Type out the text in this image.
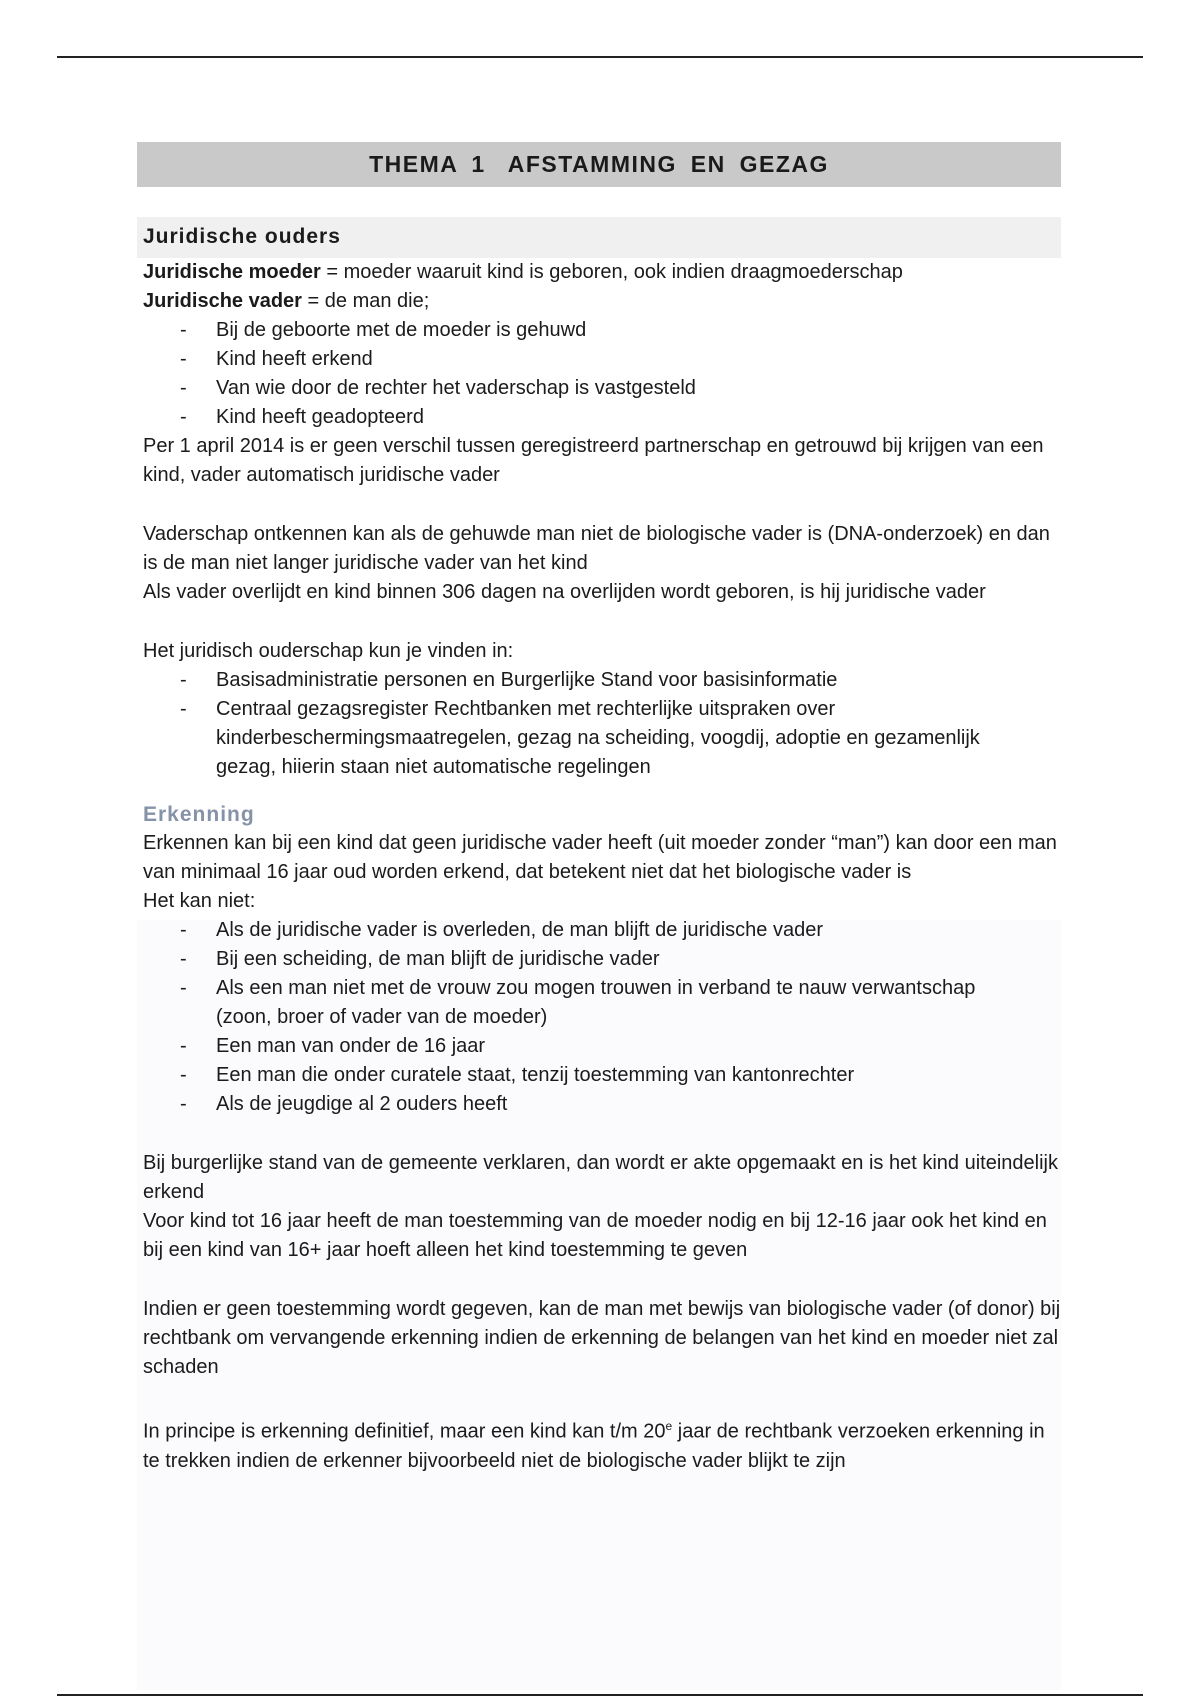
THEMA 1 AFSTAMMING EN GEZAG
Juridische ouders

Juridische moeder = moeder waaruit kind is geboren, ook indien draagmoederschap

Juridische vader = de man die;

- Bij de geboorte met de moeder is gehuwd
- Kind heeft erkend
- Van wie door de rechter het vaderschap is vastgesteld
- Kind heeft geadopteerd

Per 1 april 2014 is er geen verschil tussen geregistreerd partnerschap en getrouwd bij krijgen van een kind, vader automatisch juridische vader

Vaderschap ontkennen kan als de gehuwde man niet de biologische vader is (DNA-onderzoek) en dan is de man niet langer juridische vader van het kind

Als vader overlijdt en kind binnen 306 dagen na overlijden wordt geboren, is hij juridische vader

Het juridisch ouderschap kun je vinden in:

- Basisadministratie personen en Burgerlijke Stand voor basisinformatie
- Centraal gezagsregister Rechtbanken met rechterlijke uitspraken over kinderbeschermingsmaatregelen, gezag na scheiding, voogdij, adoptie en gezamenlijk gezag, hiierin staan niet automatische regelingen
Erkenning

Erkennen kan bij een kind dat geen juridische vader heeft (uit moeder zonder “man”) kan door een man van minimaal 16 jaar oud worden erkend, dat betekent niet dat het biologische vader is

Het kan niet:

- Als de juridische vader is overleden, de man blijft de juridische vader
- Bij een scheiding, de man blijft de juridische vader
- Als een man niet met de vrouw zou mogen trouwen in verband te nauw verwantschap (zoon, broer of vader van de moeder)
- Een man van onder de 16 jaar
- Een man die onder curatele staat, tenzij toestemming van kantonrechter
- Als de jeugdige al 2 ouders heeft

Bij burgerlijke stand van de gemeente verklaren, dan wordt er akte opgemaakt en is het kind uiteindelijk erkend

Voor kind tot 16 jaar heeft de man toestemming van de moeder nodig en bij 12-16 jaar ook het kind en bij een kind van 16+ jaar hoeft alleen het kind toestemming te geven

Indien er geen toestemming wordt gegeven, kan de man met bewijs van biologische vader (of donor) bij rechtbank om vervangende erkenning indien de erkenning de belangen van het kind en moeder niet zal schaden

In principe is erkenning definitief, maar een kind kan t/m 20e jaar de rechtbank verzoeken erkenning in te trekken indien de erkenner bijvoorbeeld niet de biologische vader blijkt te zijn
